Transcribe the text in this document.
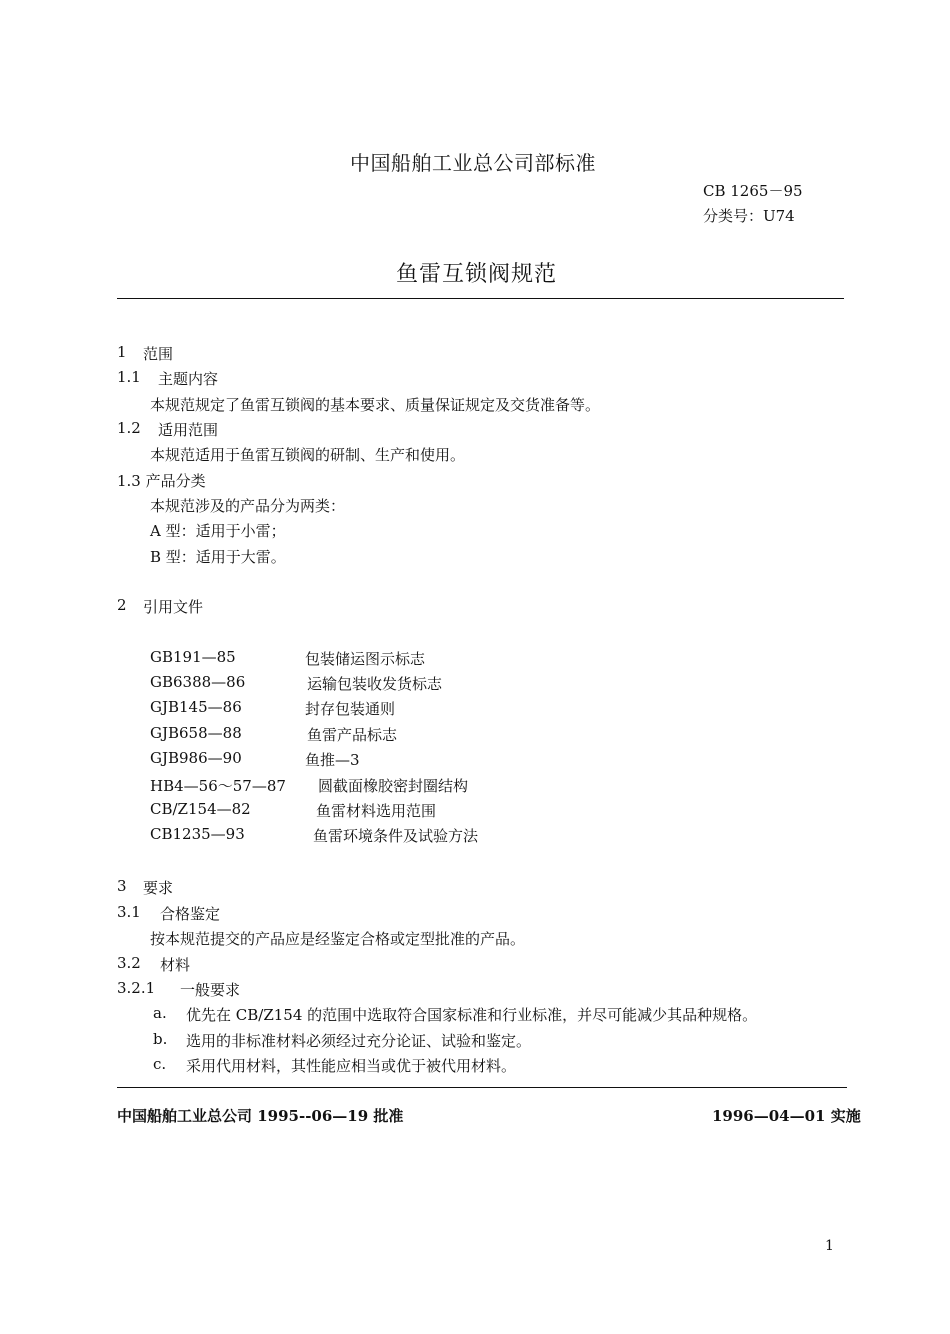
中国船舶工业总公司部标准
CB 1265－95
分类号：U74
鱼雷互锁阀规范
1 范围
1.1 主题内容
本规范规定了鱼雷互锁阀的基本要求、质量保证规定及交货准备等。
1.2 适用范围
本规范适用于鱼雷互锁阀的研制、生产和使用。
1.3 产品分类
本规范涉及的产品分为两类：
A 型：适用于小雷；
B 型：适用于大雷。
2 引用文件
GB191—85	包装储运图示标志
GB6388—86	运输包装收发货标志
GJB145—86	封存包装通则
GJB658—88	鱼雷产品标志
GJB986—90	鱼推—3
HB4—56～57—87 圆截面橡胶密封圈结构
CB/Z154—82	鱼雷材料选用范围
CB1235—93	鱼雷环境条件及试验方法
3 要求
3.1 合格鉴定
按本规范提交的产品应是经鉴定合格或定型批准的产品。
3.2 材料
3.2.1 一般要求
a. 优先在 CB/Z154 的范围中选取符合国家标准和行业标准，并尽可能减少其品种规格。
b. 选用的非标准材料必须经过充分论证、试验和鉴定。
c. 采用代用材料，其性能应相当或优于被代用材料。
中国船舶工业总公司 1995--06—19 批准	1996—04—01 实施
1
